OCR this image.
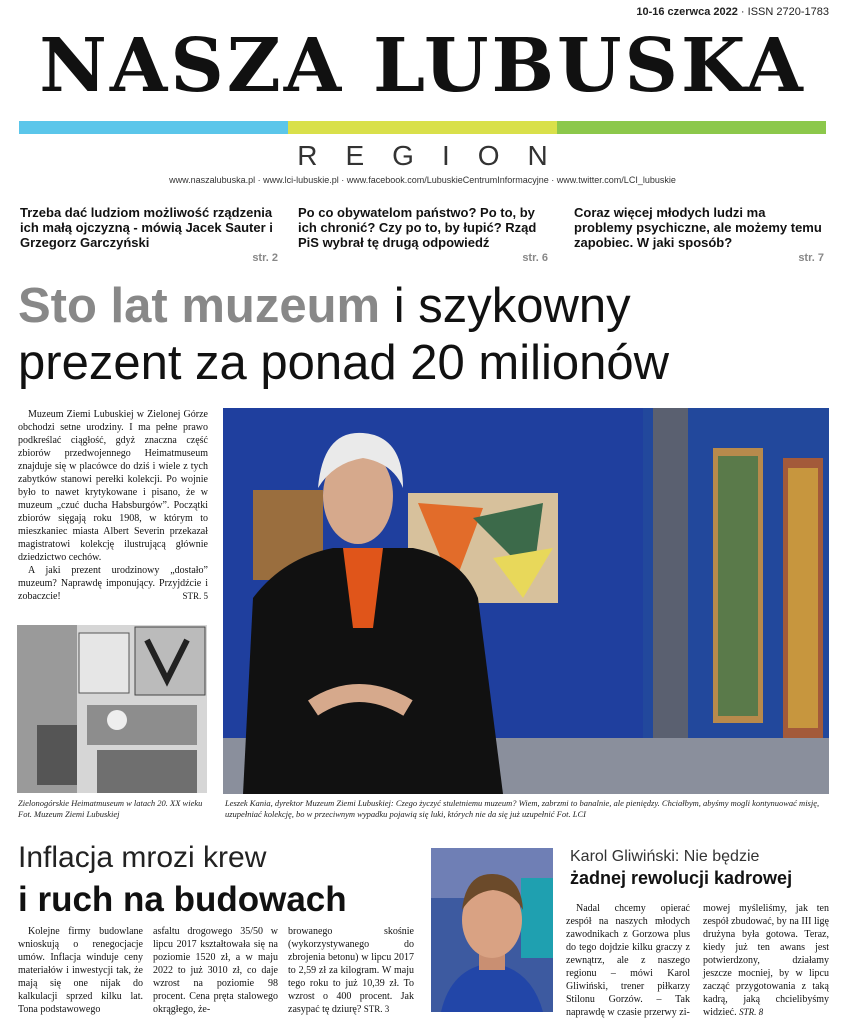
10-16 czerwca 2022 · ISSN 2720-1783
NASZA LUBUSKA
REGION
www.naszalubuska.pl · www.lci-lubuskie.pl · www.facebook.com/LubuskieCentrumInformacyjne · www.twitter.com/LCI_lubuskie
Trzeba dać ludziom możliwość rządzenia ich małą ojczyzną - mówią Jacek Sauter i Grzegorz Garczyński
str. 2
Po co obywatelom państwo? Po to, by ich chronić? Czy po to, by łupić? Rząd PiS wybrał tę drugą odpowiedź
str. 6
Coraz więcej młodych ludzi ma problemy psychiczne, ale możemy temu zapobiec. W jaki sposób?
str. 7
Sto lat muzeum i szykowny
prezent za ponad 20 milionów

Muzeum Ziemi Lubuskiej w Zielonej Górze obchodzi setne urodziny. I ma pełne prawo podkreślać ciągłość, gdyż znaczna część zbiorów przedwojennego Heimatmuseum znajduje się w placówce do dziś i wiele z tych zabytków stanowi perełki kolekcji. Po wojnie było to nawet krytykowane i pisano, że w muzeum „czuć ducha Habsburgów”. Początki zbiorów sięgają roku 1908, w którym to mieszkaniec miasta Albert Severin przekazał magistratowi kolekcję ilustrującą głównie dziedzictwo cechów.

A jaki prezent urodzinowy „dostało” muzeum? Naprawdę imponujący. Przyjdźcie i zobaczcie!	STR. 5

Zielonogórskie Heimatmuseum w latach 20. XX wieku Fot. Muzeum Ziemi Lubuskiej
Leszek Kania, dyrektor Muzeum Ziemi Lubuskiej: Czego życzyć stuletniemu muzeum? Wiem, zabrzmi to banalnie, ale pieniędzy. Chciałbym, abyśmy mogli kontynuować misję, uzupełniać kolekcję, bo w przeciwnym wypadku pojawią się luki, których nie da się już uzupełnić Fot. LCI
Inflacja mrozi krew
i ruch na budowach
Kolejne firmy budowlane wnioskują o renegocjacje umów. Inflacja winduje ceny materiałów i inwestycji tak, że mają się one nijak do kalkulacji sprzed kilku lat. Tona podstawowego
asfaltu drogowego 35/50 w lipcu 2017 kształtowała się na poziomie 1520 zł, a w maju 2022 to już 3010 zł, co daje wzrost na poziomie 98 procent. Cena pręta stalowego okrągłego, że-
browanego skośnie (wykorzystywanego do zbrojenia betonu) w lipcu 2017 to 2,59 zł za kilogram. W maju tego roku to już 10,39 zł. To wzrost o 400 procent. Jak zasypać tę dziurę? STR. 3
Karol Gliwiński: Nie będzie
żadnej rewolucji kadrowej
Nadal chcemy opierać zespół na naszych młodych zawodnikach z Gorzowa plus do tego dojdzie kilku graczy z zewnątrz, ale z naszego regionu – mówi Karol Gliwiński, trener piłkarzy Stilonu Gorzów. – Tak naprawdę w czasie przerwy zi-
mowej myśleliśmy, jak ten zespół zbudować, by na III ligę drużyna była gotowa. Teraz, kiedy już ten awans jest potwierdzony, działamy jeszcze mocniej, by w lipcu zacząć przygotowania z taką kadrą, jaką chcielibyśmy widzieć. STR. 8
